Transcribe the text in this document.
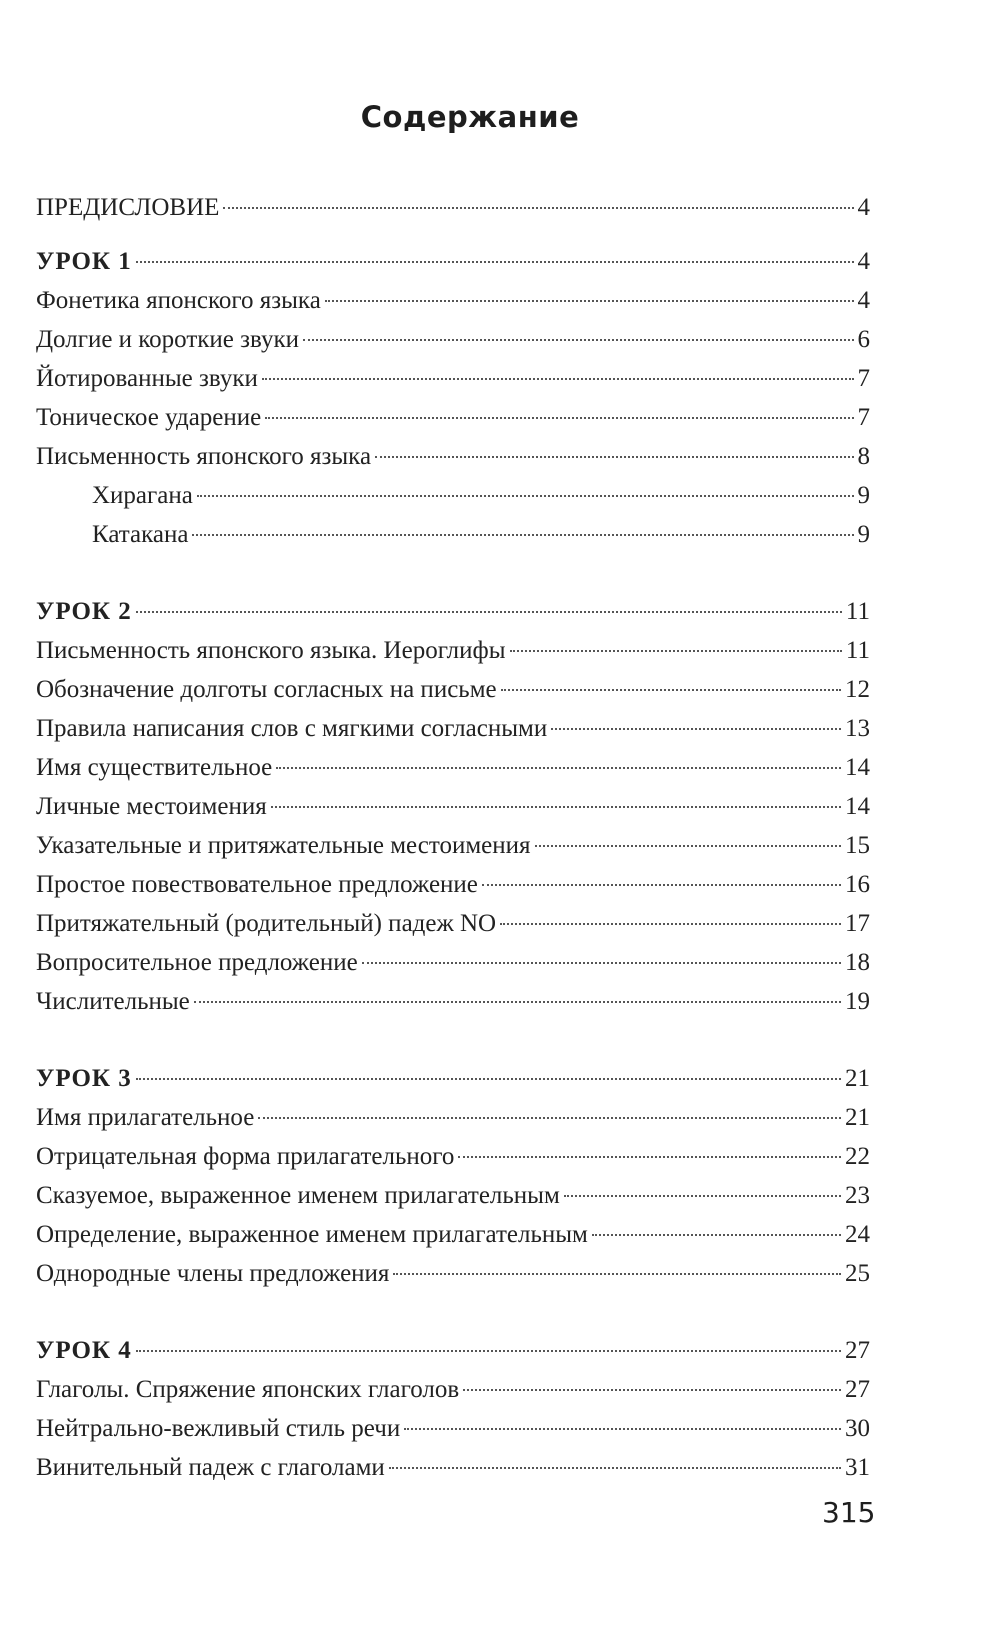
Содержание
ПРЕДИСЛОВИЕ	4
УРОК 1	4
Фонетика японского языка	4
Долгие и короткие звуки	6
Йотированные звуки	7
Тоническое ударение	7
Письменность японского языка	8
Хирагана	9
Катакана	9
УРОК 2	11
Письменность японского языка. Иероглифы	11
Обозначение долготы согласных на письме	12
Правила написания слов с мягкими согласными	13
Имя существительное	14
Личные местоимения	14
Указательные и притяжательные местоимения	15
Простое повествовательное предложение	16
Притяжательный (родительный) падеж NO	17
Вопросительное предложение	18
Числительные	19
УРОК 3	21
Имя прилагательное	21
Отрицательная форма прилагательного	22
Сказуемое, выраженное именем прилагательным	23
Определение, выраженное именем прилагательным	24
Однородные члены предложения	25
УРОК 4	27
Глаголы. Спряжение японских глаголов	27
Нейтрально-вежливый стиль речи	30
Винительный падеж с глаголами	31
315
